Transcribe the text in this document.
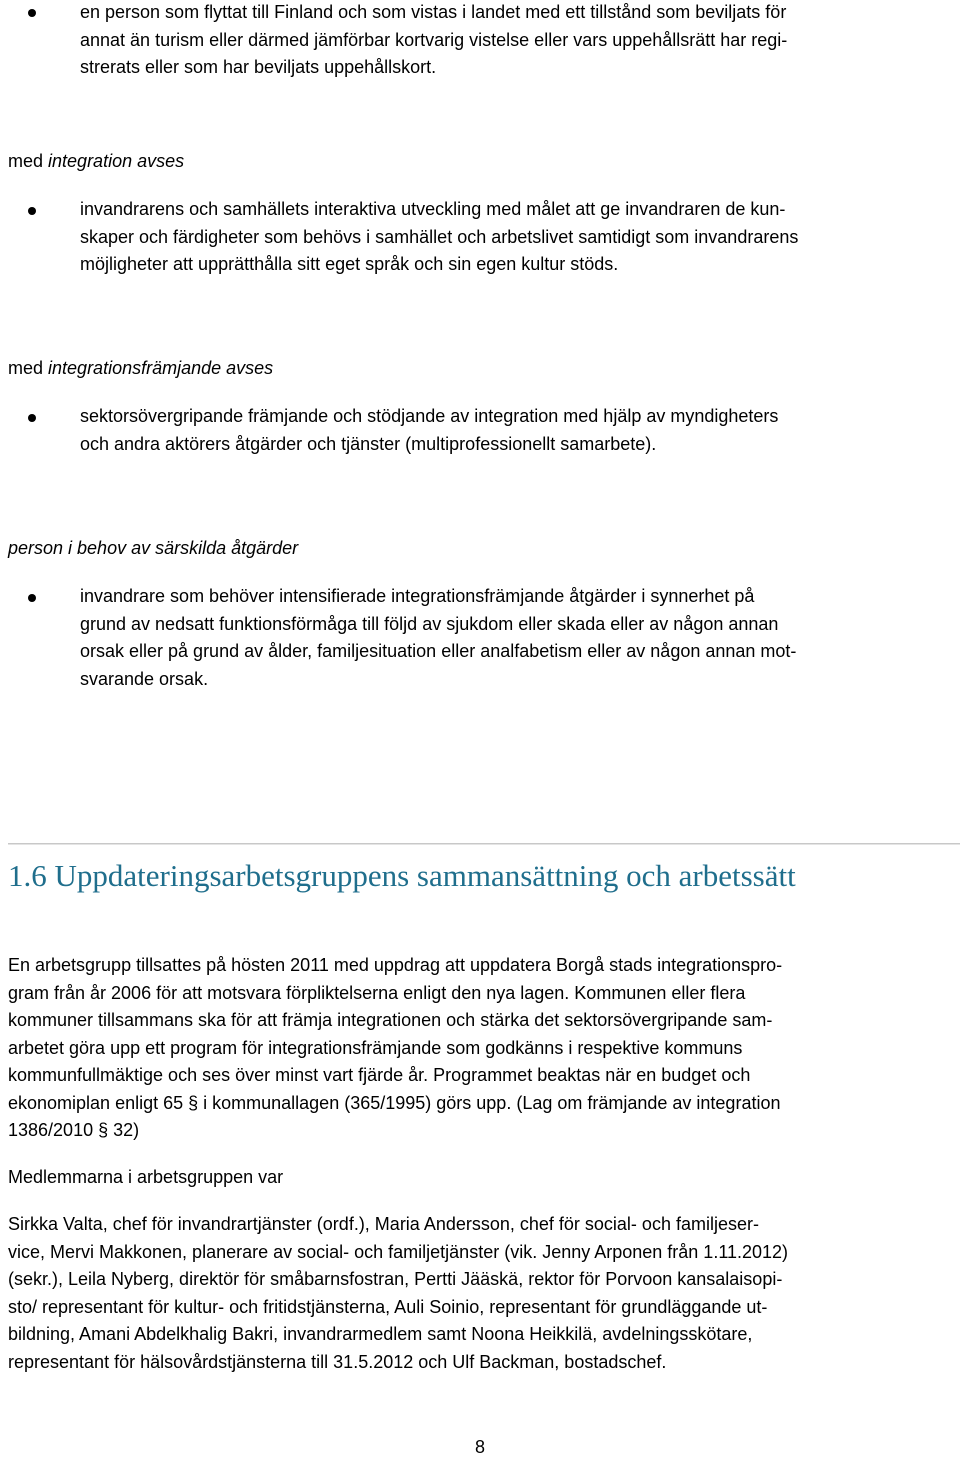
en person som flyttat till Finland och som vistas i landet med ett tillstånd som beviljats för
annat än turism eller därmed jämförbar kortvarig vistelse eller vars uppehållsrätt har regi-
strerats eller som har beviljats uppehållskort.
med integration avses
invandrarens och samhällets interaktiva utveckling med målet att ge invandraren de kun-
skaper och färdigheter som behövs i samhället och arbetslivet samtidigt som invandrarens
möjligheter att upprätthålla sitt eget språk och sin egen kultur stöds.
med integrationsfrämjande avses
sektorsövergripande främjande och stödjande av integration med hjälp av myndigheters
och andra aktörers åtgärder och tjänster (multiprofessionellt samarbete).
person i behov av särskilda åtgärder
invandrare som behöver intensifierade integrationsfrämjande åtgärder i synnerhet på
grund av nedsatt funktionsförmåga till följd av sjukdom eller skada eller av någon annan
orsak eller på grund av ålder, familjesituation eller analfabetism eller av någon annan mot-
svarande orsak.
1.6 Uppdateringsarbetsgruppens sammansättning och arbetssätt
En arbetsgrupp tillsattes på hösten 2011 med uppdrag att uppdatera Borgå stads integrationspro-
gram från år 2006 för att motsvara förpliktelserna enligt den nya lagen. Kommunen eller flera
kommuner tillsammans ska för att främja integrationen och stärka det sektorsövergripande sam-
arbetet göra upp ett program för integrationsfrämjande som godkänns i respektive kommuns
kommunfullmäktige och ses över minst vart fjärde år. Programmet beaktas när en budget och
ekonomiplan enligt 65 § i kommunallagen (365/1995) görs upp. (Lag om främjande av integration
1386/2010 § 32)
Medlemmarna i arbetsgruppen var
Sirkka Valta, chef för invandrartjänster (ordf.), Maria Andersson, chef för social- och familjeser-
vice, Mervi Makkonen, planerare av social- och familjetjänster (vik. Jenny Arponen från 1.11.2012)
(sekr.), Leila Nyberg, direktör för småbarnsfostran, Pertti Jääskä, rektor för Porvoon kansalaisopi-
sto/ representant för kultur- och fritidstjänsterna, Auli Soinio, representant för grundläggande ut-
bildning, Amani Abdelkhalig Bakri, invandrarmedlem samt Noona Heikkilä, avdelningsskötare,
representant för hälsovårdstjänsterna till 31.5.2012 och Ulf Backman, bostadschef.
8
